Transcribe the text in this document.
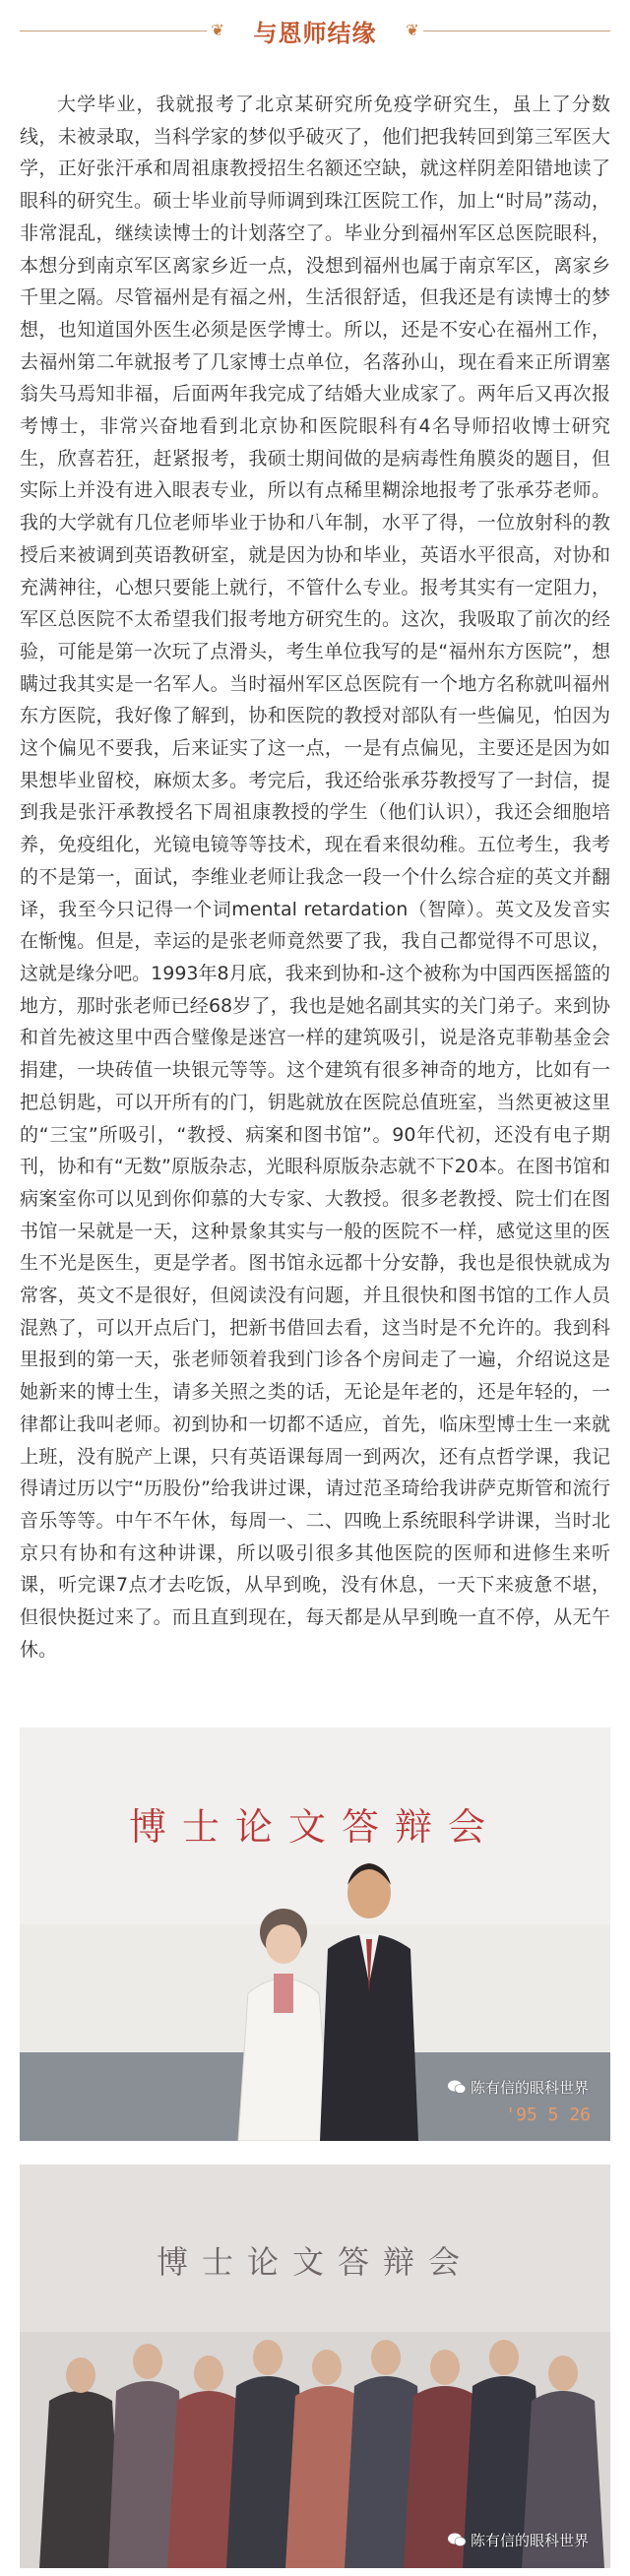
❦	❦
与恩师结缘
大学毕业，我就报考了北京某研究所免疫学研究生，虽上了分数线，未被录取，当科学家的梦似乎破灭了，他们把我转回到第三军医大学，正好张汗承和周祖康教授招生名额还空缺，就这样阴差阳错地读了眼科的研究生。硕士毕业前导师调到珠江医院工作，加上“时局”荡动，非常混乱，继续读博士的计划落空了。毕业分到福州军区总医院眼科，本想分到南京军区离家乡近一点，没想到福州也属于南京军区，离家乡千里之隔。尽管福州是有福之州，生活很舒适，但我还是有读博士的梦想，也知道国外医生必须是医学博士。所以，还是不安心在福州工作，去福州第二年就报考了几家博士点单位，名落孙山，现在看来正所谓塞翁失马焉知非福，后面两年我完成了结婚大业成家了。两年后又再次报考博士，非常兴奋地看到北京协和医院眼科有4名导师招收博士研究生，欣喜若狂，赶紧报考，我硕士期间做的是病毒性角膜炎的题目，但实际上并没有进入眼表专业，所以有点稀里糊涂地报考了张承芬老师。我的大学就有几位老师毕业于协和八年制，水平了得，一位放射科的教授后来被调到英语教研室，就是因为协和毕业，英语水平很高，对协和充满神往，心想只要能上就行，不管什么专业。报考其实有一定阻力，军区总医院不太希望我们报考地方研究生的。这次，我吸取了前次的经验，可能是第一次玩了点滑头，考生单位我写的是“福州东方医院”，想瞒过我其实是一名军人。当时福州军区总医院有一个地方名称就叫福州东方医院，我好像了解到，协和医院的教授对部队有一些偏见，怕因为这个偏见不要我，后来证实了这一点，一是有点偏见，主要还是因为如果想毕业留校，麻烦太多。考完后，我还给张承芬教授写了一封信，提到我是张汗承教授名下周祖康教授的学生（他们认识），我还会细胞培养，免疫组化，光镜电镜等等技术，现在看来很幼稚。五位考生，我考的不是第一，面试，李维业老师让我念一段一个什么综合症的英文并翻译，我至今只记得一个词mental retardation（智障）。英文及发音实在惭愧。但是，幸运的是张老师竟然要了我，我自己都觉得不可思议，这就是缘分吧。1993年8月底，我来到协和-这个被称为中国西医摇篮的地方，那时张老师已经68岁了，我也是她名副其实的关门弟子。来到协和首先被这里中西合璧像是迷宫一样的建筑吸引，说是洛克菲勒基金会捐建，一块砖值一块银元等等。这个建筑有很多神奇的地方，比如有一把总钥匙，可以开所有的门，钥匙就放在医院总值班室，当然更被这里的“三宝”所吸引，“教授、病案和图书馆”。90年代初，还没有电子期刊，协和有“无数”原版杂志，光眼科原版杂志就不下20本。在图书馆和病案室你可以见到你仰慕的大专家、大教授。很多老教授、院士们在图书馆一呆就是一天，这种景象其实与一般的医院不一样，感觉这里的医生不光是医生，更是学者。图书馆永远都十分安静，我也是很快就成为常客，英文不是很好，但阅读没有问题，并且很快和图书馆的工作人员混熟了，可以开点后门，把新书借回去看，这当时是不允许的。我到科里报到的第一天，张老师领着我到门诊各个房间走了一遍，介绍说这是她新来的博士生，请多关照之类的话，无论是年老的，还是年轻的，一律都让我叫老师。初到协和一切都不适应，首先，临床型博士生一来就上班，没有脱产上课，只有英语课每周一到两次，还有点哲学课，我记得请过历以宁“历股份”给我讲过课，请过范圣琦给我讲萨克斯管和流行音乐等等。中午不午休，每周一、二、四晚上系统眼科学讲课，当时北京只有协和有这种讲课，所以吸引很多其他医院的医师和进修生来听课，听完课7点才去吃饭，从早到晚，没有休息，一天下来疲惫不堪，但很快挺过来了。而且直到现在，每天都是从早到晚一直不停，从无午休。
博士论文答辩会
陈有信的眼科世界
'95 5 26
博士论文答辩会
陈有信的眼科世界
